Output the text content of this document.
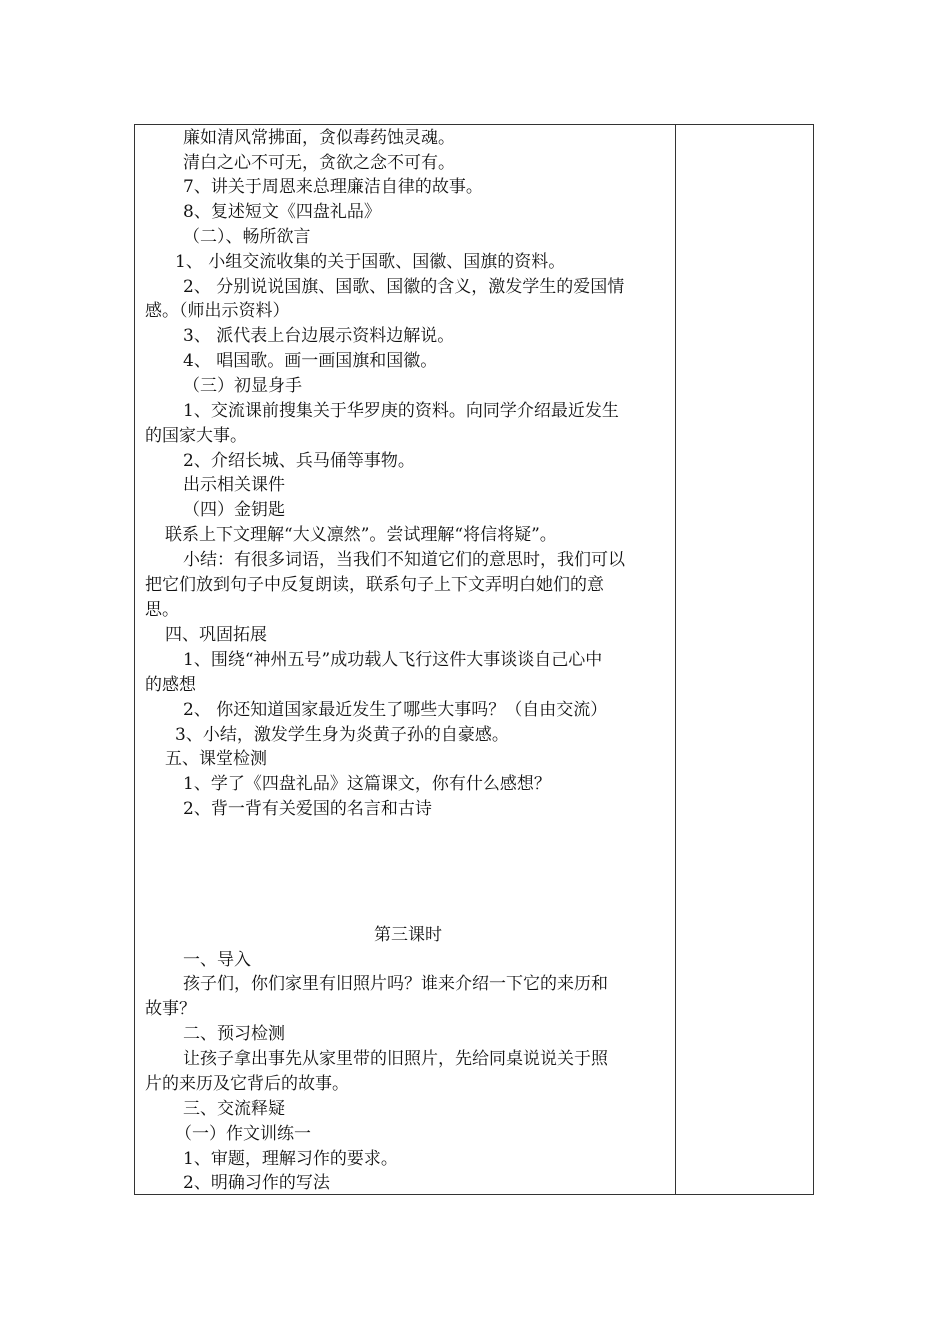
廉如清风常拂面，贪似毒药蚀灵魂。
清白之心不可无，贪欲之念不可有。
7、讲关于周恩来总理廉洁自律的故事。
8、复述短文《四盘礼品》
（二）、畅所欲言
1、 小组交流收集的关于国歌、国徽、国旗的资料。
2、 分别说说国旗、国歌、国徽的含义，激发学生的爱国情
感。（师出示资料）
3、 派代表上台边展示资料边解说。
4、 唱国歌。画一画国旗和国徽。
（三）初显身手
1、交流课前搜集关于华罗庚的资料。向同学介绍最近发生
的国家大事。
2、介绍长城、兵马俑等事物。
出示相关课件
（四）金钥匙
联系上下文理解“大义凛然”。尝试理解“将信将疑”。
小结：有很多词语，当我们不知道它们的意思时，我们可以
把它们放到句子中反复朗读，联系句子上下文弄明白她们的意
思。
四、巩固拓展
1、围绕“神州五号”成功载人飞行这件大事谈谈自己心中
的感想
2、 你还知道国家最近发生了哪些大事吗？（自由交流）
3、小结，激发学生身为炎黄子孙的自豪感。
五、课堂检测
1、学了《四盘礼品》这篇课文，你有什么感想？
2、背一背有关爱国的名言和古诗
第三课时
一、导入
孩子们，你们家里有旧照片吗？谁来介绍一下它的来历和
故事？
二、预习检测
让孩子拿出事先从家里带的旧照片，先给同桌说说关于照
片的来历及它背后的故事。
三、交流释疑
（一）作文训练一
1、审题，理解习作的要求。
2、明确习作的写法
